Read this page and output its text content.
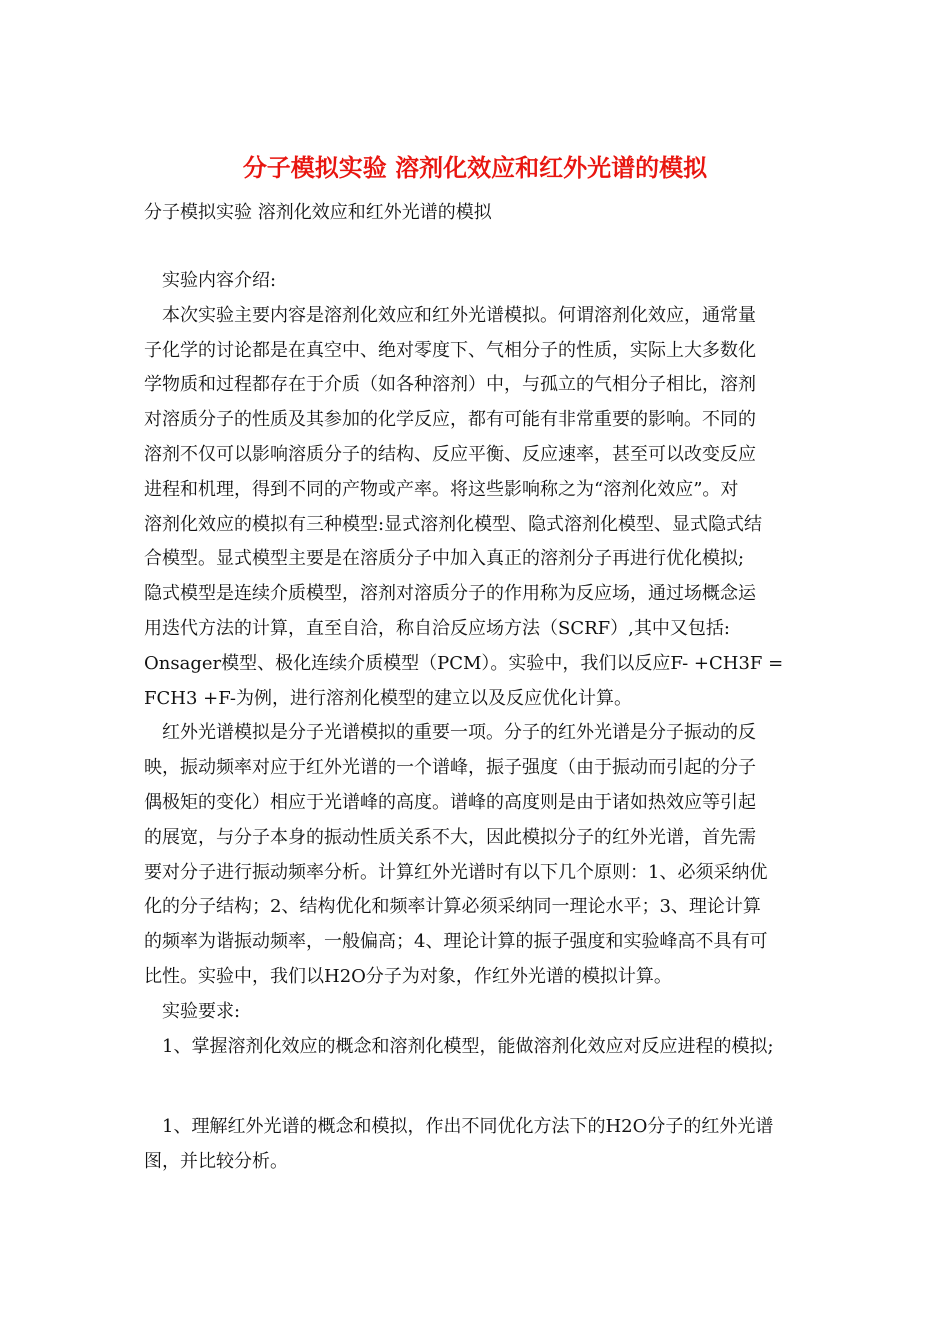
分子模拟实验 溶剂化效应和红外光谱的模拟
分子模拟实验 溶剂化效应和红外光谱的模拟
实验内容介绍:
本次实验主要内容是溶剂化效应和红外光谱模拟。何谓溶剂化效应，通常量
子化学的讨论都是在真空中、绝对零度下、气相分子的性质，实际上大多数化
学物质和过程都存在于介质（如各种溶剂）中，与孤立的气相分子相比，溶剂
对溶质分子的性质及其参加的化学反应，都有可能有非常重要的影响。不同的
溶剂不仅可以影响溶质分子的结构、反应平衡、反应速率，甚至可以改变反应
进程和机理，得到不同的产物或产率。将这些影响称之为“溶剂化效应”。对
溶剂化效应的模拟有三种模型:显式溶剂化模型、隐式溶剂化模型、显式隐式结
合模型。显式模型主要是在溶质分子中加入真正的溶剂分子再进行优化模拟;
隐式模型是连续介质模型，溶剂对溶质分子的作用称为反应场，通过场概念运
用迭代方法的计算，直至自洽，称自洽反应场方法（SCRF）,其中又包括:
Onsager模型、极化连续介质模型（PCM）。实验中，我们以反应F- +CH3F =
FCH3 +F-为例，进行溶剂化模型的建立以及反应优化计算。
红外光谱模拟是分子光谱模拟的重要一项。分子的红外光谱是分子振动的反
映，振动频率对应于红外光谱的一个谱峰，振子强度（由于振动而引起的分子
偶极矩的变化）相应于光谱峰的高度。谱峰的高度则是由于诸如热效应等引起
的展宽，与分子本身的振动性质关系不大，因此模拟分子的红外光谱，首先需
要对分子进行振动频率分析。计算红外光谱时有以下几个原则：1、必须采纳优
化的分子结构；2、结构优化和频率计算必须采纳同一理论水平；3、理论计算
的频率为谐振动频率，一般偏高；4、理论计算的振子强度和实验峰高不具有可
比性。实验中，我们以H2O分子为对象，作红外光谱的模拟计算。
实验要求:
1、掌握溶剂化效应的概念和溶剂化模型，能做溶剂化效应对反应进程的模拟;
1、理解红外光谱的概念和模拟，作出不同优化方法下的H2O分子的红外光谱
图，并比较分析。
